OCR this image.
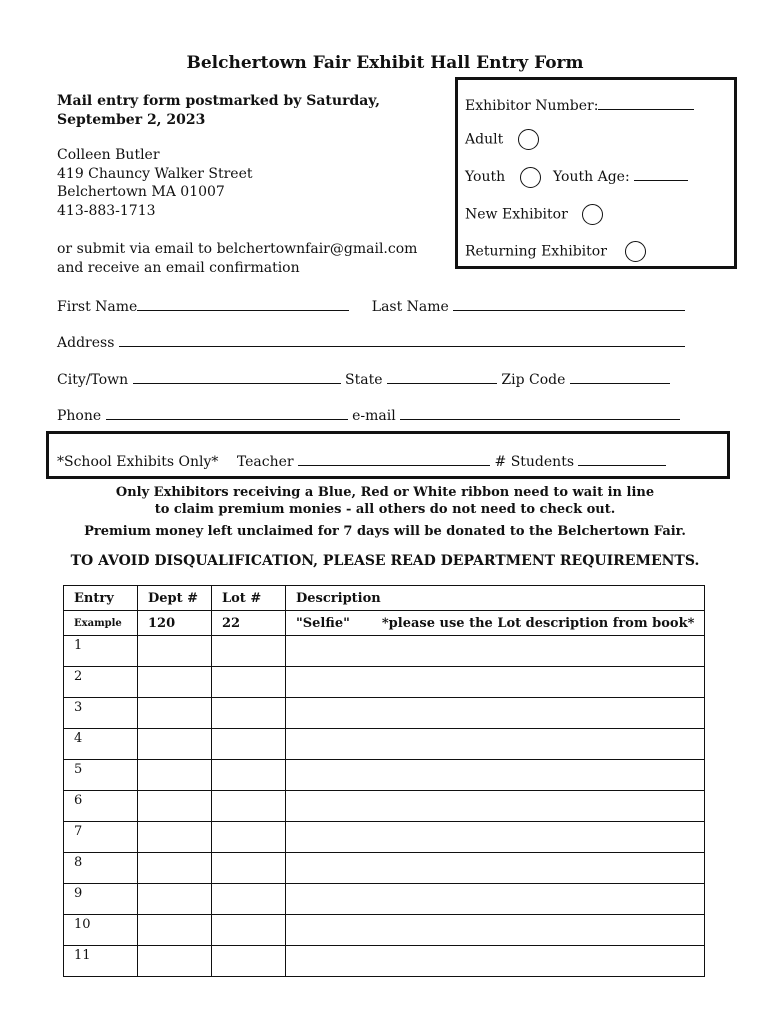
Belchertown Fair Exhibit Hall Entry Form
Mail entry form postmarked by Saturday,
September 2, 2023
Colleen Butler
419 Chauncy Walker Street
Belchertown MA 01007
413-883-1713
or submit via email to belchertownfair@gmail.com
and receive an email confirmation
Exhibitor Number:
Adult
Youth	Youth Age:
New Exhibitor
Returning Exhibitor
First Name	Last Name
Address
City/Town	State	Zip Code
Phone	e-mail
*School Exhibits Only* Teacher	# Students
Only Exhibitors receiving a Blue, Red or White ribbon need to wait in line
to claim premium monies - all others do not need to check out.
Premium money left unclaimed for 7 days will be donated to the Belchertown Fair.
TO AVOID DISQUALIFICATION, PLEASE READ DEPARTMENT REQUIREMENTS.
Entry	Dept #	Lot #	Description
Example	120	22	"Selfie" *please use the Lot description from book*
1			
2			
3			
4			
5			
6			
7			
8			
9			
10			
11			
